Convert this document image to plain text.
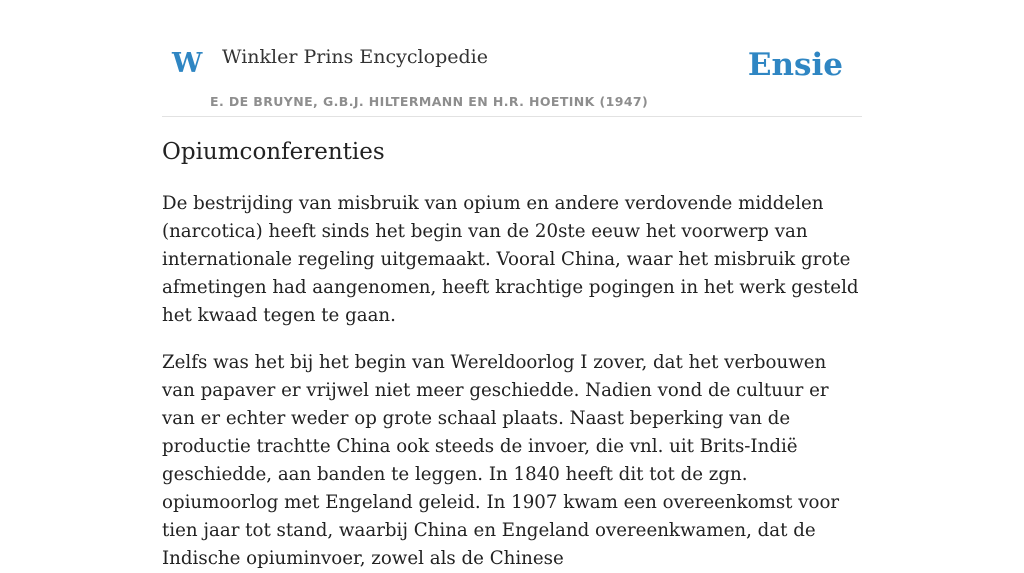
W Winkler Prins Encyclopedie
E. DE BRUYNE, G.B.J. HILTERMANN EN H.R. HOETINK (1947)
Ensie
Opiumconferenties

De bestrijding van misbruik van opium en andere verdovende middelen (narcotica) heeft sinds het begin van de 20ste eeuw het voorwerp van internationale regeling uitgemaakt. Vooral China, waar het misbruik grote afmetingen had aangenomen, heeft krachtige pogingen in het werk gesteld het kwaad tegen te gaan.

Zelfs was het bij het begin van Wereldoorlog I zover, dat het verbouwen van papaver er vrijwel niet meer geschiedde. Nadien vond de cultuur er van er echter weder op grote schaal plaats. Naast beperking van de productie trachtte China ook steeds de invoer, die vnl. uit Brits-Indië geschiedde, aan banden te leggen. In 1840 heeft dit tot de zgn. opiumoorlog met Engeland geleid. In 1907 kwam een overeenkomst voor tien jaar tot stand, waarbij China en Engeland overeenkwamen, dat de Indische opiuminvoer, zowel als de Chinese
